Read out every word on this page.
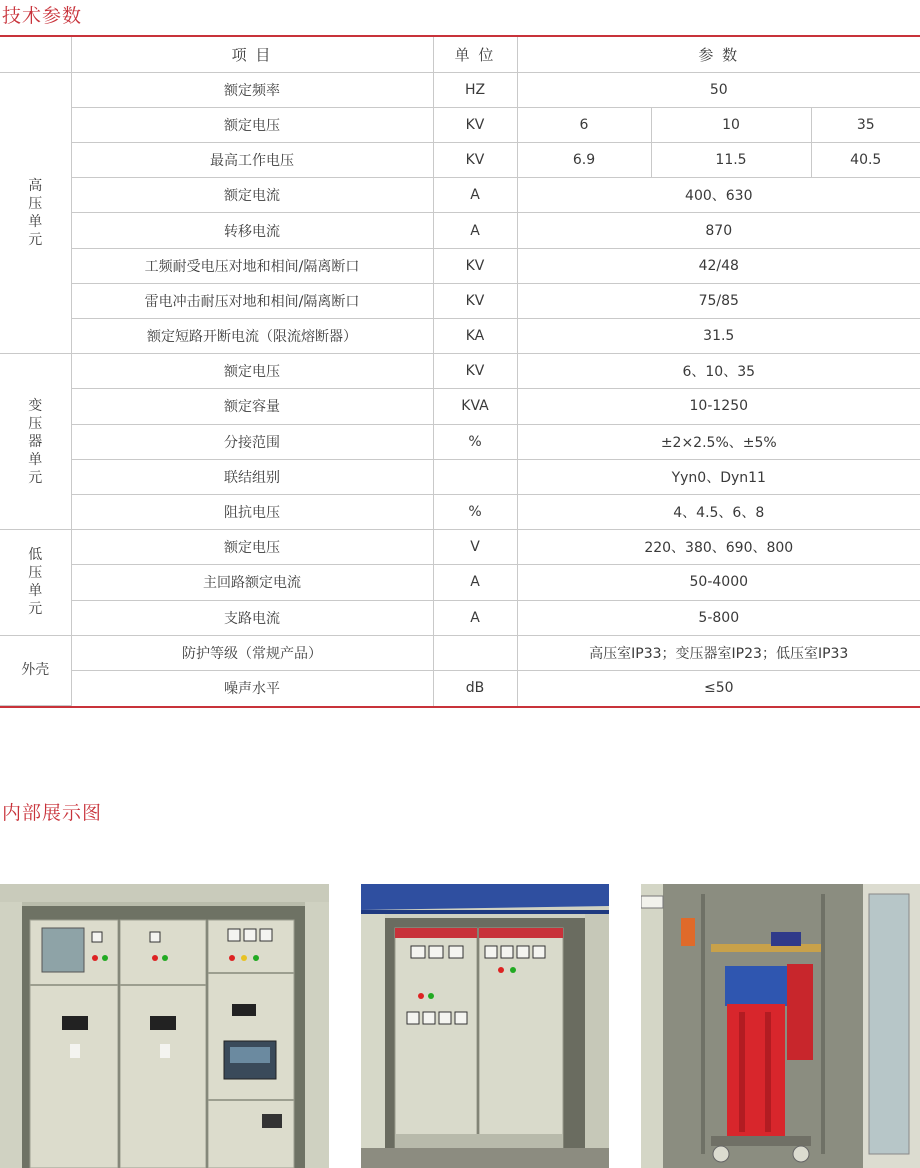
技术参数
	项 目	单 位	参 数		
高压单元	额定频率	HZ	50		
	额定电压	KV	6	10	35
	最高工作电压	KV	6.9	11.5	40.5
	额定电流	A	400、630		
	转移电流	A	870		
	工频耐受电压对地和相间/隔离断口	KV	42/48		
	雷电冲击耐压对地和相间/隔离断口	KV	75/85		
	额定短路开断电流（限流熔断器）	KA	31.5		
变压器单元	额定电压	KV	6、10、35		
	额定容量	KVA	10-1250		
	分接范围	%	±2×2.5%、±5%		
	联结组别		Yyn0、Dyn11		
	阻抗电压	%	4、4.5、6、8		
低压单元	额定电压	V	220、380、690、800		
	主回路额定电流	A	50-4000		
	支路电流	A	5-800		
外壳	防护等级（常规产品）		高压室IP33；变压器室IP23；低压室IP33		
	噪声水平	dB	≤50		
内部展示图
